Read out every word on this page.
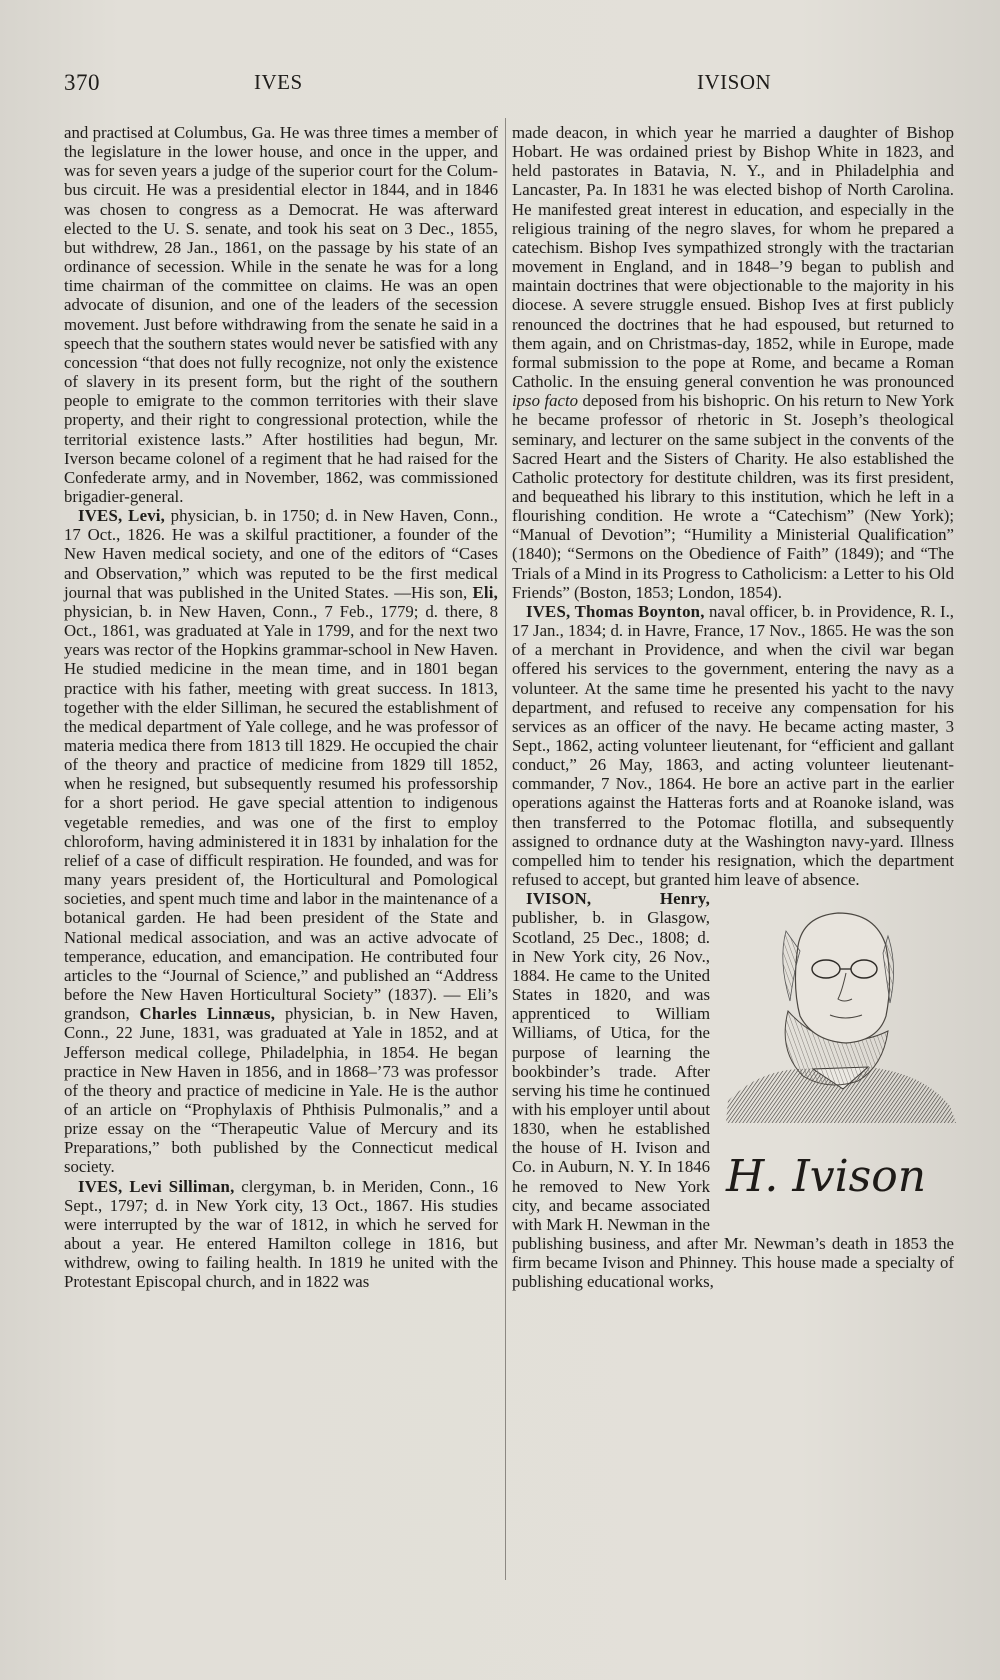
370	IVES	IVISON

and practised at Columbus, Ga. He was three times a member of the legislature in the lower house, and once in the upper, and was for seven years a judge of the superior court for the Columbus circuit. He was a presidential elector in 1844, and in 1846 was chosen to congress as a Democrat. He was afterward elected to the U. S. senate, and took his seat on 3 Dec., 1855, but withdrew, 28 Jan., 1861, on the passage by his state of an ordinance of secession. While in the senate he was for a long time chairman of the committee on claims. He was an open advocate of disunion, and one of the leaders of the secession movement. Just before withdrawing from the senate he said in a speech that the southern states would never be satisfied with any concession “that does not fully recognize, not only the existence of slavery in its present form, but the right of the southern people to emigrate to the common territories with their slave property, and their right to congressional protection, while the territorial existence lasts.” After hostilities had begun, Mr. Iverson became colonel of a regiment that he had raised for the Confederate army, and in November, 1862, was commissioned brigadier-general.

IVES, Levi, physician, b. in 1750; d. in New Haven, Conn., 17 Oct., 1826. He was a skilful practitioner, a founder of the New Haven medical society, and one of the editors of “Cases and Observation,” which was reputed to be the first medical journal that was published in the United States. —His son, Eli, physician, b. in New Haven, Conn., 7 Feb., 1779; d. there, 8 Oct., 1861, was graduated at Yale in 1799, and for the next two years was rector of the Hopkins grammar-school in New Haven. He studied medicine in the mean time, and in 1801 began practice with his father, meeting with great success. In 1813, together with the elder Silliman, he secured the establishment of the medical department of Yale college, and he was professor of materia medica there from 1813 till 1829. He occupied the chair of the theory and practice of medicine from 1829 till 1852, when he resigned, but subsequently resumed his professorship for a short period. He gave special attention to indigenous vegetable remedies, and was one of the first to employ chloroform, having administered it in 1831 by inhalation for the relief of a case of difficult respiration. He founded, and was for many years president of, the Horticultural and Pomological societies, and spent much time and labor in the maintenance of a botanical garden. He had been president of the State and National medical association, and was an active advocate of temperance, education, and emancipation. He contributed four articles to the “Journal of Science,” and published an “Address before the New Haven Horticultural Society” (1837). — Eli’s grandson, Charles Linnæus, physician, b. in New Haven, Conn., 22 June, 1831, was graduated at Yale in 1852, and at Jefferson medical college, Philadelphia, in 1854. He began practice in New Haven in 1856, and in 1868–’73 was professor of the theory and practice of medicine in Yale. He is the author of an article on “Prophylaxis of Phthisis Pulmonalis,” and a prize essay on the “Therapeutic Value of Mercury and its Preparations,” both published by the Connecticut medical society.

IVES, Levi Silliman, clergyman, b. in Meriden, Conn., 16 Sept., 1797; d. in New York city, 13 Oct., 1867. His studies were interrupted by the war of 1812, in which he served for about a year. He entered Hamilton college in 1816, but withdrew, owing to failing health. In 1819 he united with the Protestant Episcopal church, and in 1822 was

made deacon, in which year he married a daughter of Bishop Hobart. He was ordained priest by Bishop White in 1823, and held pastorates in Batavia, N. Y., and in Philadelphia and Lancaster, Pa. In 1831 he was elected bishop of North Carolina. He manifested great interest in education, and especially in the religious training of the negro slaves, for whom he prepared a catechism. Bishop Ives sympathized strongly with the tractarian movement in England, and in 1848–’9 began to publish and maintain doctrines that were objectionable to the majority in his diocese. A severe struggle ensued. Bishop Ives at first publicly renounced the doctrines that he had espoused, but returned to them again, and on Christmas-day, 1852, while in Europe, made formal submission to the pope at Rome, and became a Roman Catholic. In the ensuing general convention he was pronounced ipso facto deposed from his bishopric. On his return to New York he became professor of rhetoric in St. Joseph’s theological seminary, and lecturer on the same subject in the convents of the Sacred Heart and the Sisters of Charity. He also established the Catholic protectory for destitute children, was its first president, and bequeathed his library to this institution, which he left in a flourishing condition. He wrote a “Catechism” (New York); “Manual of Devotion”; “Humility a Ministerial Qualification” (1840); “Sermons on the Obedience of Faith” (1849); and “The Trials of a Mind in its Progress to Catholicism: a Letter to his Old Friends” (Boston, 1853; London, 1854).

IVES, Thomas Boynton, naval officer, b. in Providence, R. I., 17 Jan., 1834; d. in Havre, France, 17 Nov., 1865. He was the son of a merchant in Providence, and when the civil war began offered his services to the government, entering the navy as a volunteer. At the same time he presented his yacht to the navy department, and refused to receive any compensation for his services as an officer of the navy. He became acting master, 3 Sept., 1862, acting volunteer lieutenant, for “efficient and gallant conduct,” 26 May, 1863, and acting volunteer lieutenant-commander, 7 Nov., 1864. He bore an active part in the earlier operations against the Hatteras forts and at Roanoke island, was then transferred to the Potomac flotilla, and subsequently assigned to ordnance duty at the Washington navy-yard. Illness compelled him to tender his resignation, which the department refused to accept, but granted him leave of absence.

H. Ivison
IVISON, Henry, publisher, b. in Glasgow, Scotland, 25 Dec., 1808; d. in New York city, 26 Nov., 1884. He came to the United States in 1820, and was apprenticed to William Williams, of Utica, for the purpose of learning the bookbinder’s trade. After serving his time he continued with his employer until about 1830, when he established the house of H. Ivison and Co. in Auburn, N. Y. In 1846 he removed to New York city, and became associated with Mark H. Newman in the publishing business, and after Mr. Newman’s death in 1853 the firm became Ivison and Phinney. This house made a specialty of publishing educational works,
